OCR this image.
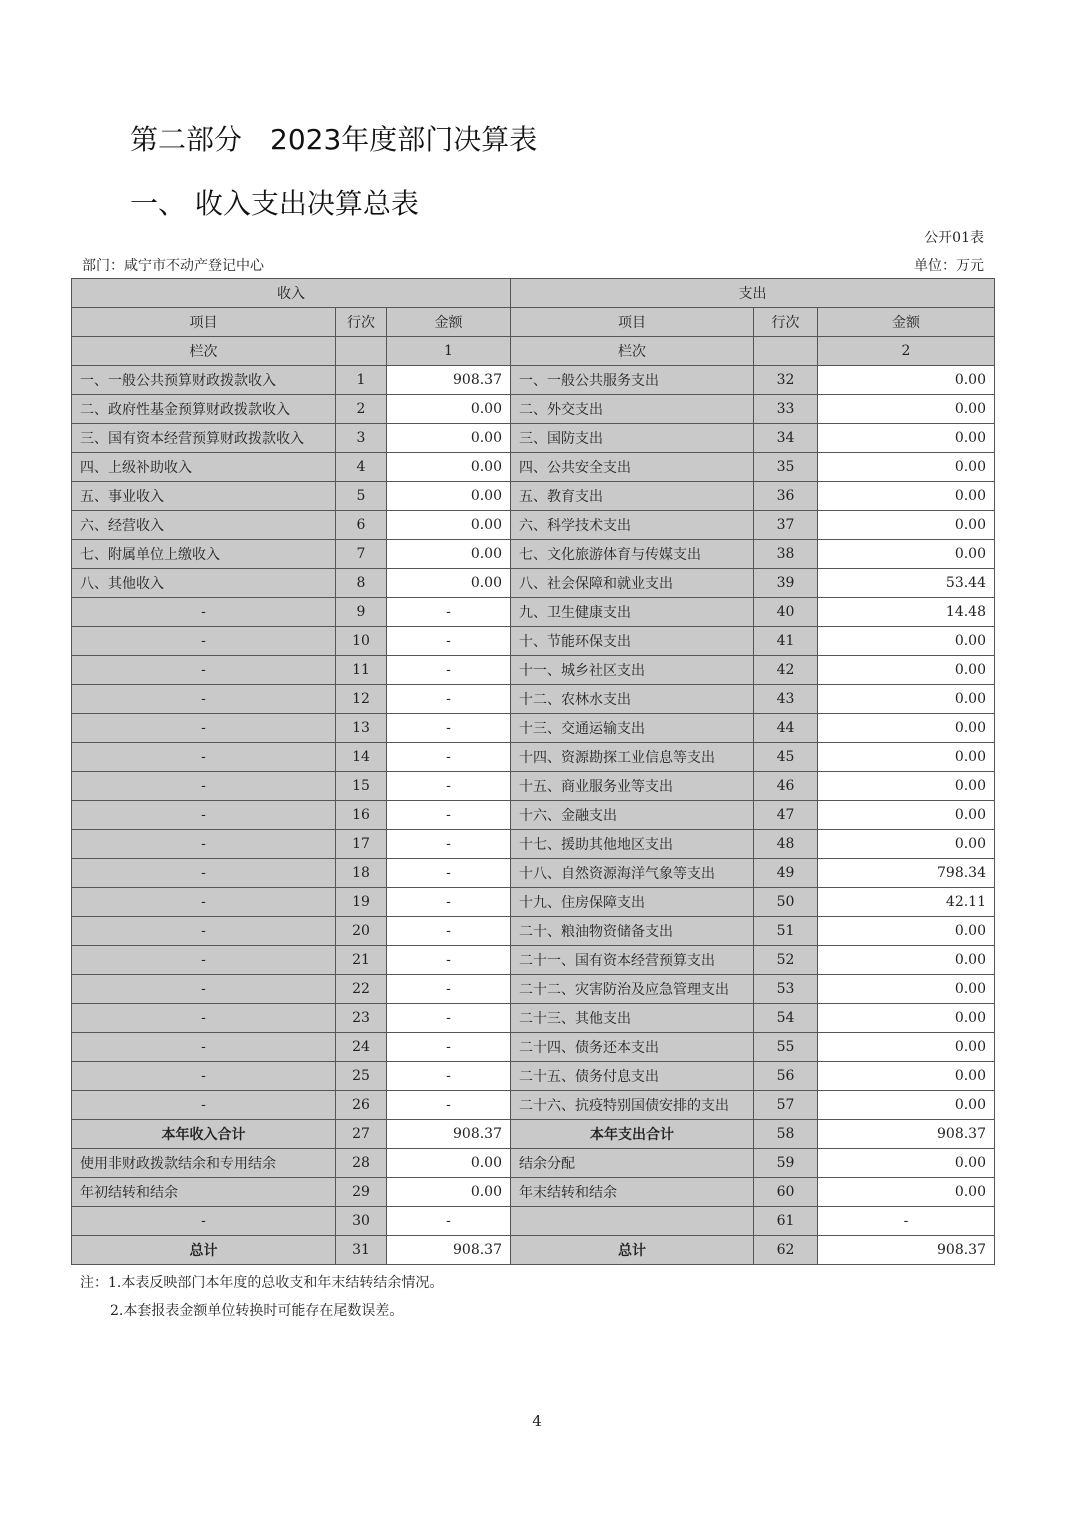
第二部分　2023年度部门决算表
一、 收入支出决算总表
公开01表
部门：咸宁市不动产登记中心	单位：万元
收入			支出		
项目	行次	金额	项目	行次	金额
栏次		1	栏次		2
一、一般公共预算财政拨款收入	1	908.37	一、一般公共服务支出	32	0.00
二、政府性基金预算财政拨款收入	2	0.00	二、外交支出	33	0.00
三、国有资本经营预算财政拨款收入	3	0.00	三、国防支出	34	0.00
四、上级补助收入	4	0.00	四、公共安全支出	35	0.00
五、事业收入	5	0.00	五、教育支出	36	0.00
六、经营收入	6	0.00	六、科学技术支出	37	0.00
七、附属单位上缴收入	7	0.00	七、文化旅游体育与传媒支出	38	0.00
八、其他收入	8	0.00	八、社会保障和就业支出	39	53.44
-	9	-	九、卫生健康支出	40	14.48
-	10	-	十、节能环保支出	41	0.00
-	11	-	十一、城乡社区支出	42	0.00
-	12	-	十二、农林水支出	43	0.00
-	13	-	十三、交通运输支出	44	0.00
-	14	-	十四、资源勘探工业信息等支出	45	0.00
-	15	-	十五、商业服务业等支出	46	0.00
-	16	-	十六、金融支出	47	0.00
-	17	-	十七、援助其他地区支出	48	0.00
-	18	-	十八、自然资源海洋气象等支出	49	798.34
-	19	-	十九、住房保障支出	50	42.11
-	20	-	二十、粮油物资储备支出	51	0.00
-	21	-	二十一、国有资本经营预算支出	52	0.00
-	22	-	二十二、灾害防治及应急管理支出	53	0.00
-	23	-	二十三、其他支出	54	0.00
-	24	-	二十四、债务还本支出	55	0.00
-	25	-	二十五、债务付息支出	56	0.00
-	26	-	二十六、抗疫特别国债安排的支出	57	0.00
本年收入合计	27	908.37	本年支出合计	58	908.37
使用非财政拨款结余和专用结余	28	0.00	结余分配	59	0.00
年初结转和结余	29	0.00	年末结转和结余	60	0.00
-	30	-		61	-
总计	31	908.37	总计	62	908.37
注：1.本表反映部门本年度的总收支和年末结转结余情况。
2.本套报表金额单位转换时可能存在尾数误差。
4
